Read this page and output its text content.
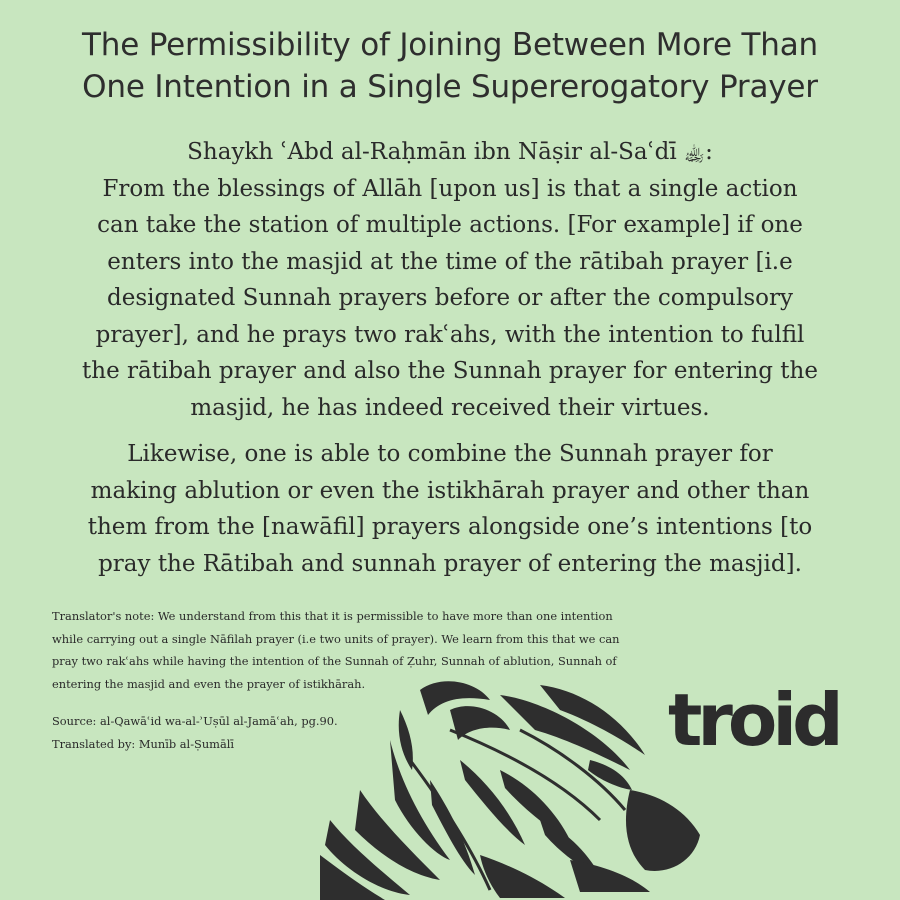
The Permissibility of Joining Between More Than
One Intention in a Single Supererogatory Prayer
Shaykh ʿAbd al-Raḥmān ibn Nāṣir al-Saʿdī ﵀:
From the blessings of Allāh [upon us] is that a single action
can take the station of multiple actions. [For example] if one
enters into the masjid at the time of the rātibah prayer [i.e
designated Sunnah prayers before or after the compulsory
prayer], and he prays two rakʿahs, with the intention to fulfil
the rātibah prayer and also the Sunnah prayer for entering the
masjid, he has indeed received their virtues.
Likewise, one is able to combine the Sunnah prayer for
making ablution or even the istikhārah prayer and other than
them from the [nawāfil] prayers alongside one’s intentions [to
pray the Rātibah and sunnah prayer of entering the masjid].
Translator's note: We understand from this that it is permissible to have more than one intention
while carrying out a single Nāfilah prayer (i.e two units of prayer). We learn from this that we can
pray two rakʿahs while having the intention of the Sunnah of Ẓuhr, Sunnah of ablution, Sunnah of
entering the masjid and even the prayer of istikhārah.
Source: al-Qawāʿid wa-al-ʾUṣūl al-Jamāʿah, pg.90.
Translated by: Munīb al-Ṣumālī	troid
